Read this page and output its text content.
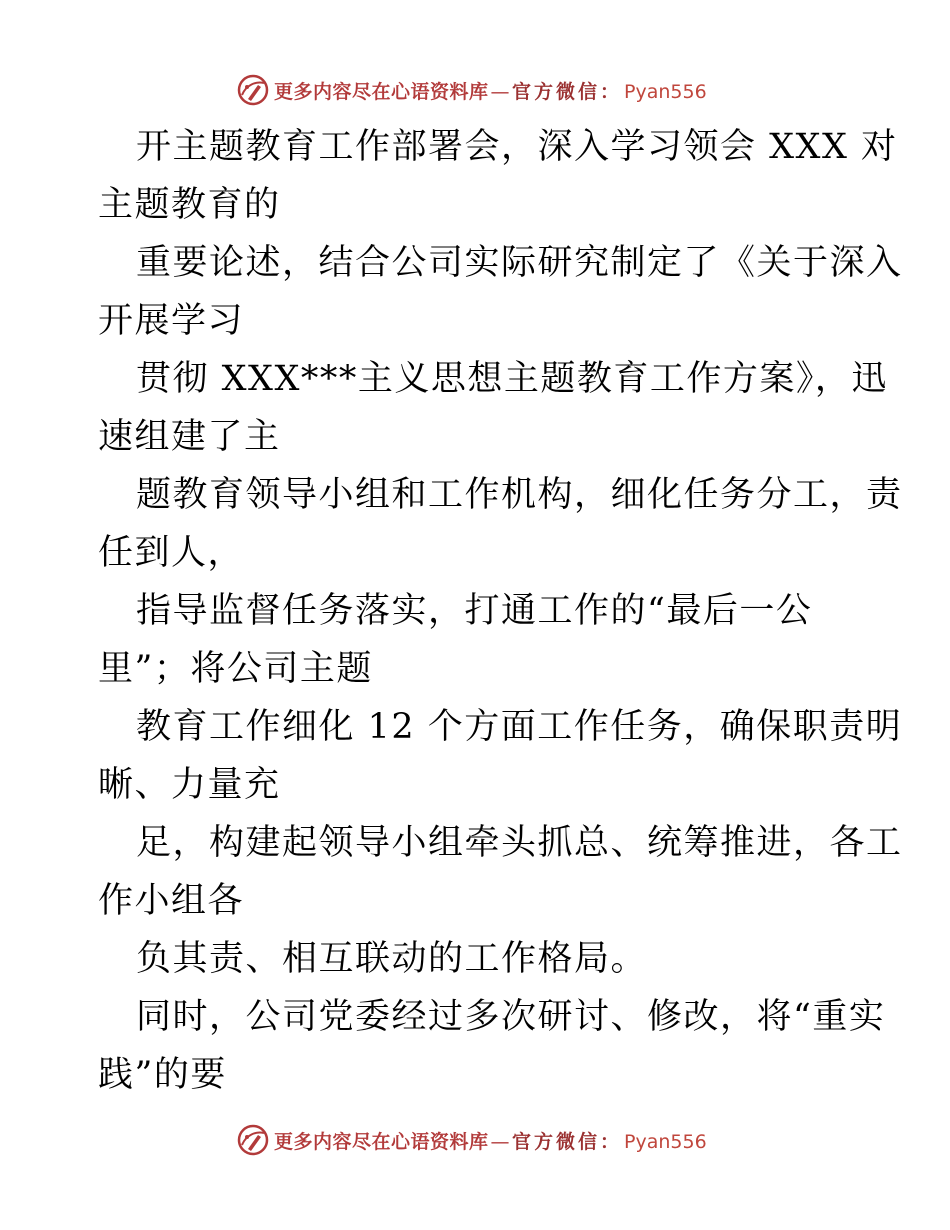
更多内容尽在心语资料库 — 官方微信： Pyan556
开主题教育工作部署会，深入学习领会 XXX 对
主题教育的
重要论述，结合公司实际研究制定了《关于深入
开展学习
贯彻 XXX***主义思想主题教育工作方案》，迅
速组建了主
题教育领导小组和工作机构，细化任务分工，责
任到人，
指导监督任务落实，打通工作的“最后一公
里”；将公司主题
教育工作细化 12 个方面工作任务，确保职责明
晰、力量充
足，构建起领导小组牵头抓总、统筹推进，各工
作小组各
负其责、相互联动的工作格局。
同时，公司党委经过多次研讨、修改，将“重实
践”的要
更多内容尽在心语资料库 — 官方微信： Pyan556
